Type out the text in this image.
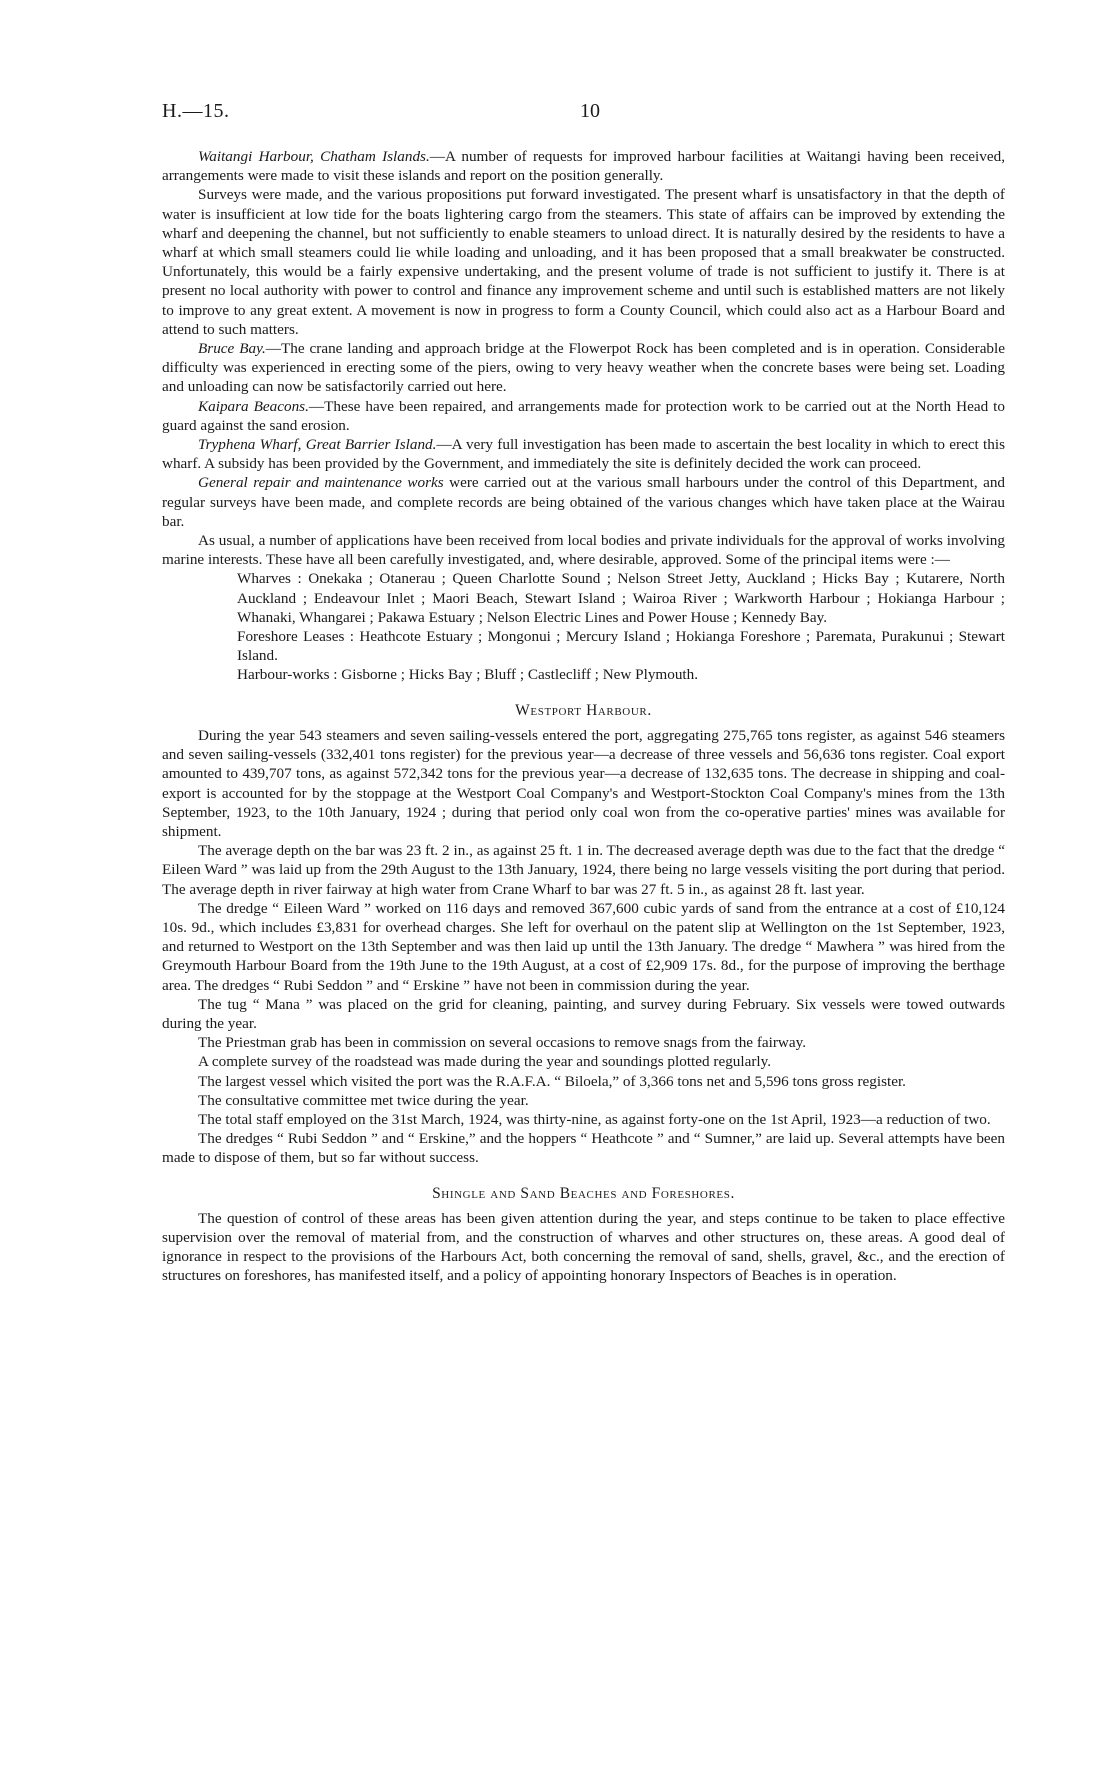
H.—15.	10

Waitangi Harbour, Chatham Islands.—A number of requests for improved harbour facilities at Waitangi having been received, arrangements were made to visit these islands and report on the position generally.

Surveys were made, and the various propositions put forward investigated. The present wharf is unsatisfactory in that the depth of water is insufficient at low tide for the boats lightering cargo from the steamers. This state of affairs can be improved by extending the wharf and deepening the channel, but not sufficiently to enable steamers to unload direct. It is naturally desired by the residents to have a wharf at which small steamers could lie while loading and unloading, and it has been proposed that a small breakwater be constructed. Unfortunately, this would be a fairly expensive undertaking, and the present volume of trade is not sufficient to justify it. There is at present no local authority with power to control and finance any improvement scheme and until such is established matters are not likely to improve to any great extent. A movement is now in progress to form a County Council, which could also act as a Harbour Board and attend to such matters.

Bruce Bay.—The crane landing and approach bridge at the Flowerpot Rock has been completed and is in operation. Considerable difficulty was experienced in erecting some of the piers, owing to very heavy weather when the concrete bases were being set. Loading and unloading can now be satisfactorily carried out here.

Kaipara Beacons.—These have been repaired, and arrangements made for protection work to be carried out at the North Head to guard against the sand erosion.

Tryphena Wharf, Great Barrier Island.—A very full investigation has been made to ascertain the best locality in which to erect this wharf. A subsidy has been provided by the Government, and immediately the site is definitely decided the work can proceed.

General repair and maintenance works were carried out at the various small harbours under the control of this Department, and regular surveys have been made, and complete records are being obtained of the various changes which have taken place at the Wairau bar.

As usual, a number of applications have been received from local bodies and private individuals for the approval of works involving marine interests. These have all been carefully investigated, and, where desirable, approved. Some of the principal items were :—

Wharves : Onekaka ; Otanerau ; Queen Charlotte Sound ; Nelson Street Jetty, Auckland ; Hicks Bay ; Kutarere, North Auckland ; Endeavour Inlet ; Maori Beach, Stewart Island ; Wairoa River ; Warkworth Harbour ; Hokianga Harbour ; Whanaki, Whangarei ; Pakawa Estuary ; Nelson Electric Lines and Power House ; Kennedy Bay.

Foreshore Leases : Heathcote Estuary ; Mongonui ; Mercury Island ; Hokianga Foreshore ; Paremata, Purakunui ; Stewart Island.

Harbour-works : Gisborne ; Hicks Bay ; Bluff ; Castlecliff ; New Plymouth.

Westport Harbour.

During the year 543 steamers and seven sailing-vessels entered the port, aggregating 275,765 tons register, as against 546 steamers and seven sailing-vessels (332,401 tons register) for the previous year—a decrease of three vessels and 56,636 tons register. Coal export amounted to 439,707 tons, as against 572,342 tons for the previous year—a decrease of 132,635 tons. The decrease in shipping and coal-export is accounted for by the stoppage at the Westport Coal Company's and Westport-Stockton Coal Company's mines from the 13th September, 1923, to the 10th January, 1924 ; during that period only coal won from the co-operative parties' mines was available for shipment.

The average depth on the bar was 23 ft. 2 in., as against 25 ft. 1 in. The decreased average depth was due to the fact that the dredge “ Eileen Ward ” was laid up from the 29th August to the 13th January, 1924, there being no large vessels visiting the port during that period. The average depth in river fairway at high water from Crane Wharf to bar was 27 ft. 5 in., as against 28 ft. last year.

The dredge “ Eileen Ward ” worked on 116 days and removed 367,600 cubic yards of sand from the entrance at a cost of £10,124 10s. 9d., which includes £3,831 for overhead charges. She left for overhaul on the patent slip at Wellington on the 1st September, 1923, and returned to Westport on the 13th September and was then laid up until the 13th January. The dredge “ Mawhera ” was hired from the Greymouth Harbour Board from the 19th June to the 19th August, at a cost of £2,909 17s. 8d., for the purpose of improving the berthage area. The dredges “ Rubi Seddon ” and “ Erskine ” have not been in commission during the year.

The tug “ Mana ” was placed on the grid for cleaning, painting, and survey during February. Six vessels were towed outwards during the year.

The Priestman grab has been in commission on several occasions to remove snags from the fairway.

A complete survey of the roadstead was made during the year and soundings plotted regularly.

The largest vessel which visited the port was the R.A.F.A. “ Biloela,” of 3,366 tons net and 5,596 tons gross register.

The consultative committee met twice during the year.

The total staff employed on the 31st March, 1924, was thirty-nine, as against forty-one on the 1st April, 1923—a reduction of two.

The dredges “ Rubi Seddon ” and “ Erskine,” and the hoppers “ Heathcote ” and “ Sumner,” are laid up. Several attempts have been made to dispose of them, but so far without success.

Shingle and Sand Beaches and Foreshores.

The question of control of these areas has been given attention during the year, and steps continue to be taken to place effective supervision over the removal of material from, and the construction of wharves and other structures on, these areas. A good deal of ignorance in respect to the provisions of the Harbours Act, both concerning the removal of sand, shells, gravel, &c., and the erection of structures on foreshores, has manifested itself, and a policy of appointing honorary Inspectors of Beaches is in operation.
